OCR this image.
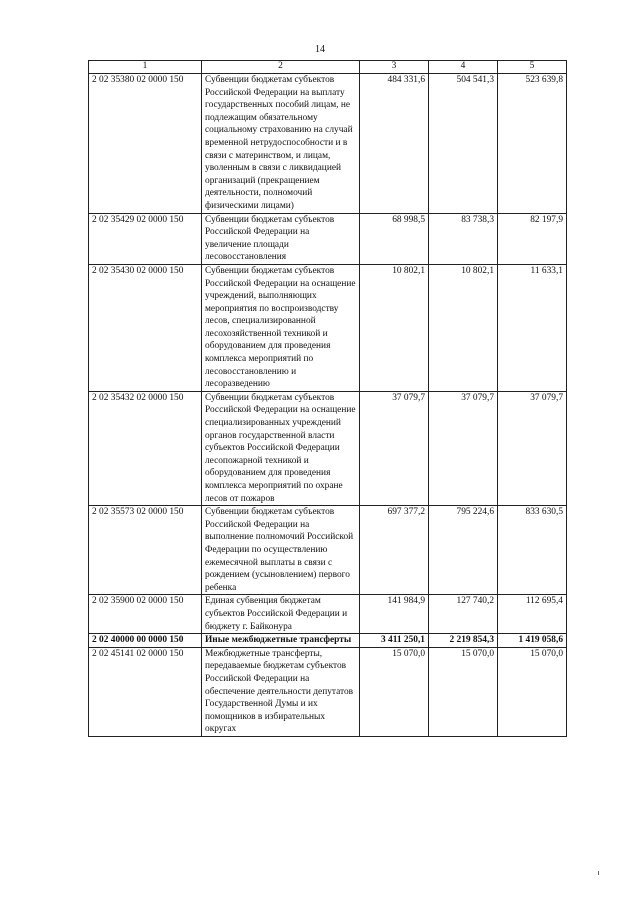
14
1	2	3	4	5
2 02 35380 02 0000 150	Субвенции бюджетам субъектов Российской Федерации на выплату государственных пособий лицам, не подлежащим обязательному социальному страхованию на случай временной нетрудоспособности и в связи с материнством, и лицам, уволенным в связи с ликвидацией организаций (прекращением деятельности, полномочий физическими лицами)	484 331,6	504 541,3	523 639,8
2 02 35429 02 0000 150	Субвенции бюджетам субъектов Российской Федерации на увеличение площади лесовосстановления	68 998,5	83 738,3	82 197,9
2 02 35430 02 0000 150	Субвенции бюджетам субъектов Российской Федерации на оснащение учреждений, выполняющих мероприятия по воспроизводству лесов, специализированной лесохозяйственной техникой и оборудованием для проведения комплекса мероприятий по лесовосстановлению и лесоразведению	10 802,1	10 802,1	11 633,1
2 02 35432 02 0000 150	Субвенции бюджетам субъектов Российской Федерации на оснащение специализированных учреждений органов государственной власти субъектов Российской Федерации лесопожарной техникой и оборудованием для проведения комплекса мероприятий по охране лесов от пожаров	37 079,7	37 079,7	37 079,7
2 02 35573 02 0000 150	Субвенции бюджетам субъектов Российской Федерации на выполнение полномочий Российской Федерации по осуществлению ежемесячной выплаты в связи с рождением (усыновлением) первого ребенка	697 377,2	795 224,6	833 630,5
2 02 35900 02 0000 150	Единая субвенция бюджетам субъектов Российской Федерации и бюджету г. Байконура	141 984,9	127 740,2	112 695,4
2 02 40000 00 0000 150	Иные межбюджетные трансферты	3 411 250,1	2 219 854,3	1 419 058,6
2 02 45141 02 0000 150	Межбюджетные трансферты, передаваемые бюджетам субъектов Российской Федерации на обеспечение деятельности депутатов Государственной Думы и их помощников в избирательных округах	15 070,0	15 070,0	15 070,0
